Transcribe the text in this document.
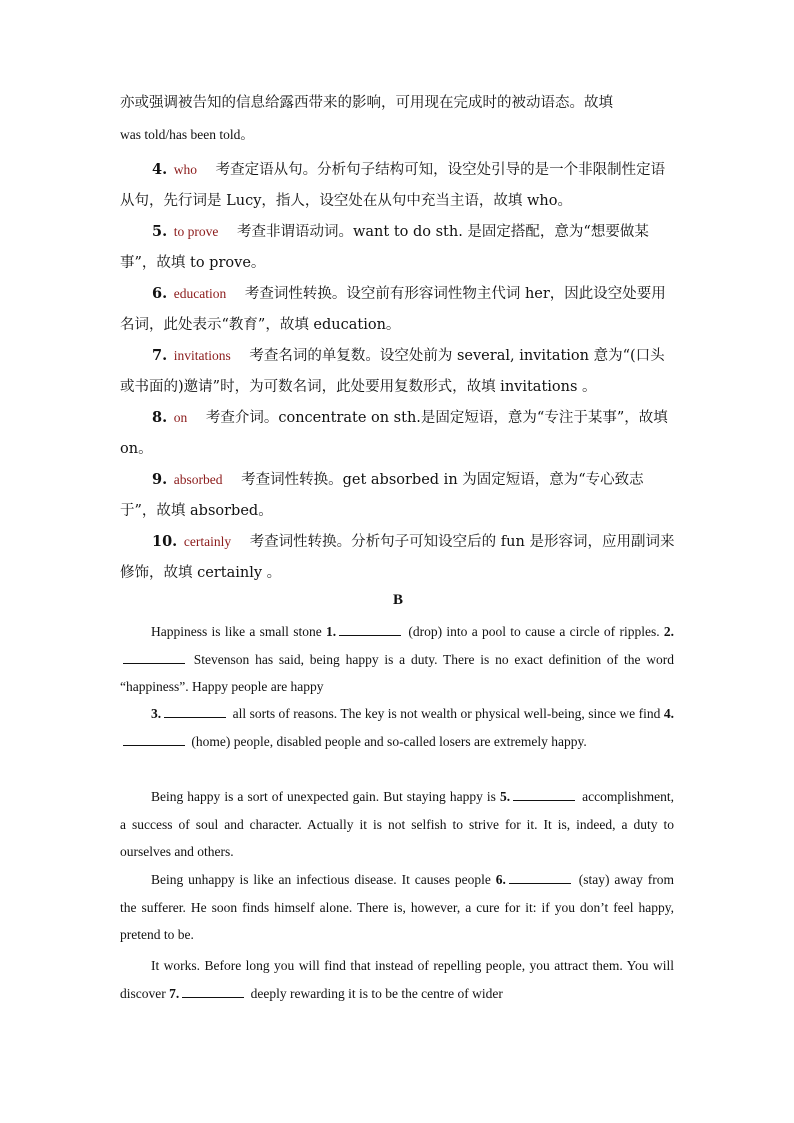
亦或强调被告知的信息给露西带来的影响，可用现在完成时的被动语态。故填
was told/has been told。
4. who 考查定语从句。分析句子结构可知，设空处引导的是一个非限制性定语从句，先行词是 Lucy，指人，设空处在从句中充当主语，故填 who。
5. to prove 考查非谓语动词。want to do sth. 是固定搭配，意为“想要做某事”，故填 to prove。
6. education 考查词性转换。设空前有形容词性物主代词 her，因此设空处要用名词，此处表示“教育”，故填 education。
7. invitations 考查名词的单复数。设空处前为 several, invitation 意为“(口头或书面的)邀请”时，为可数名词，此处要用复数形式，故填 invitations 。
8. on 考查介词。concentrate on sth.是固定短语，意为“专注于某事”，故填 on。
9. absorbed 考查词性转换。get absorbed in 为固定短语，意为“专心致志于”，故填 absorbed。
10. certainly 考查词性转换。分析句子可知设空后的 fun 是形容词，应用副词来修饰，故填 certainly 。
B
Happiness is like a small stone 1.	(drop) into a pool to cause a circle of ripples. 2. Stevenson has said, being happy is a duty. There is no exact definition of the word “happiness”. Happy people are happy
3.	all sorts of reasons. The key is not wealth or physical well-being, since we find 4. (home) people, disabled people and so-called losers are extremely happy.
Being happy is a sort of unexpected gain. But staying happy is 5.	accomplishment, a success of soul and character. Actually it is not selfish to strive for it. It is, indeed, a duty to ourselves and others.
Being unhappy is like an infectious disease. It causes people 6.	(stay) away from the sufferer. He soon finds himself alone. There is, however, a cure for it: if you don’t feel happy, pretend to be.
It works. Before long you will find that instead of repelling people, you attract them. You will discover 7.	deeply rewarding it is to be the centre of wider
